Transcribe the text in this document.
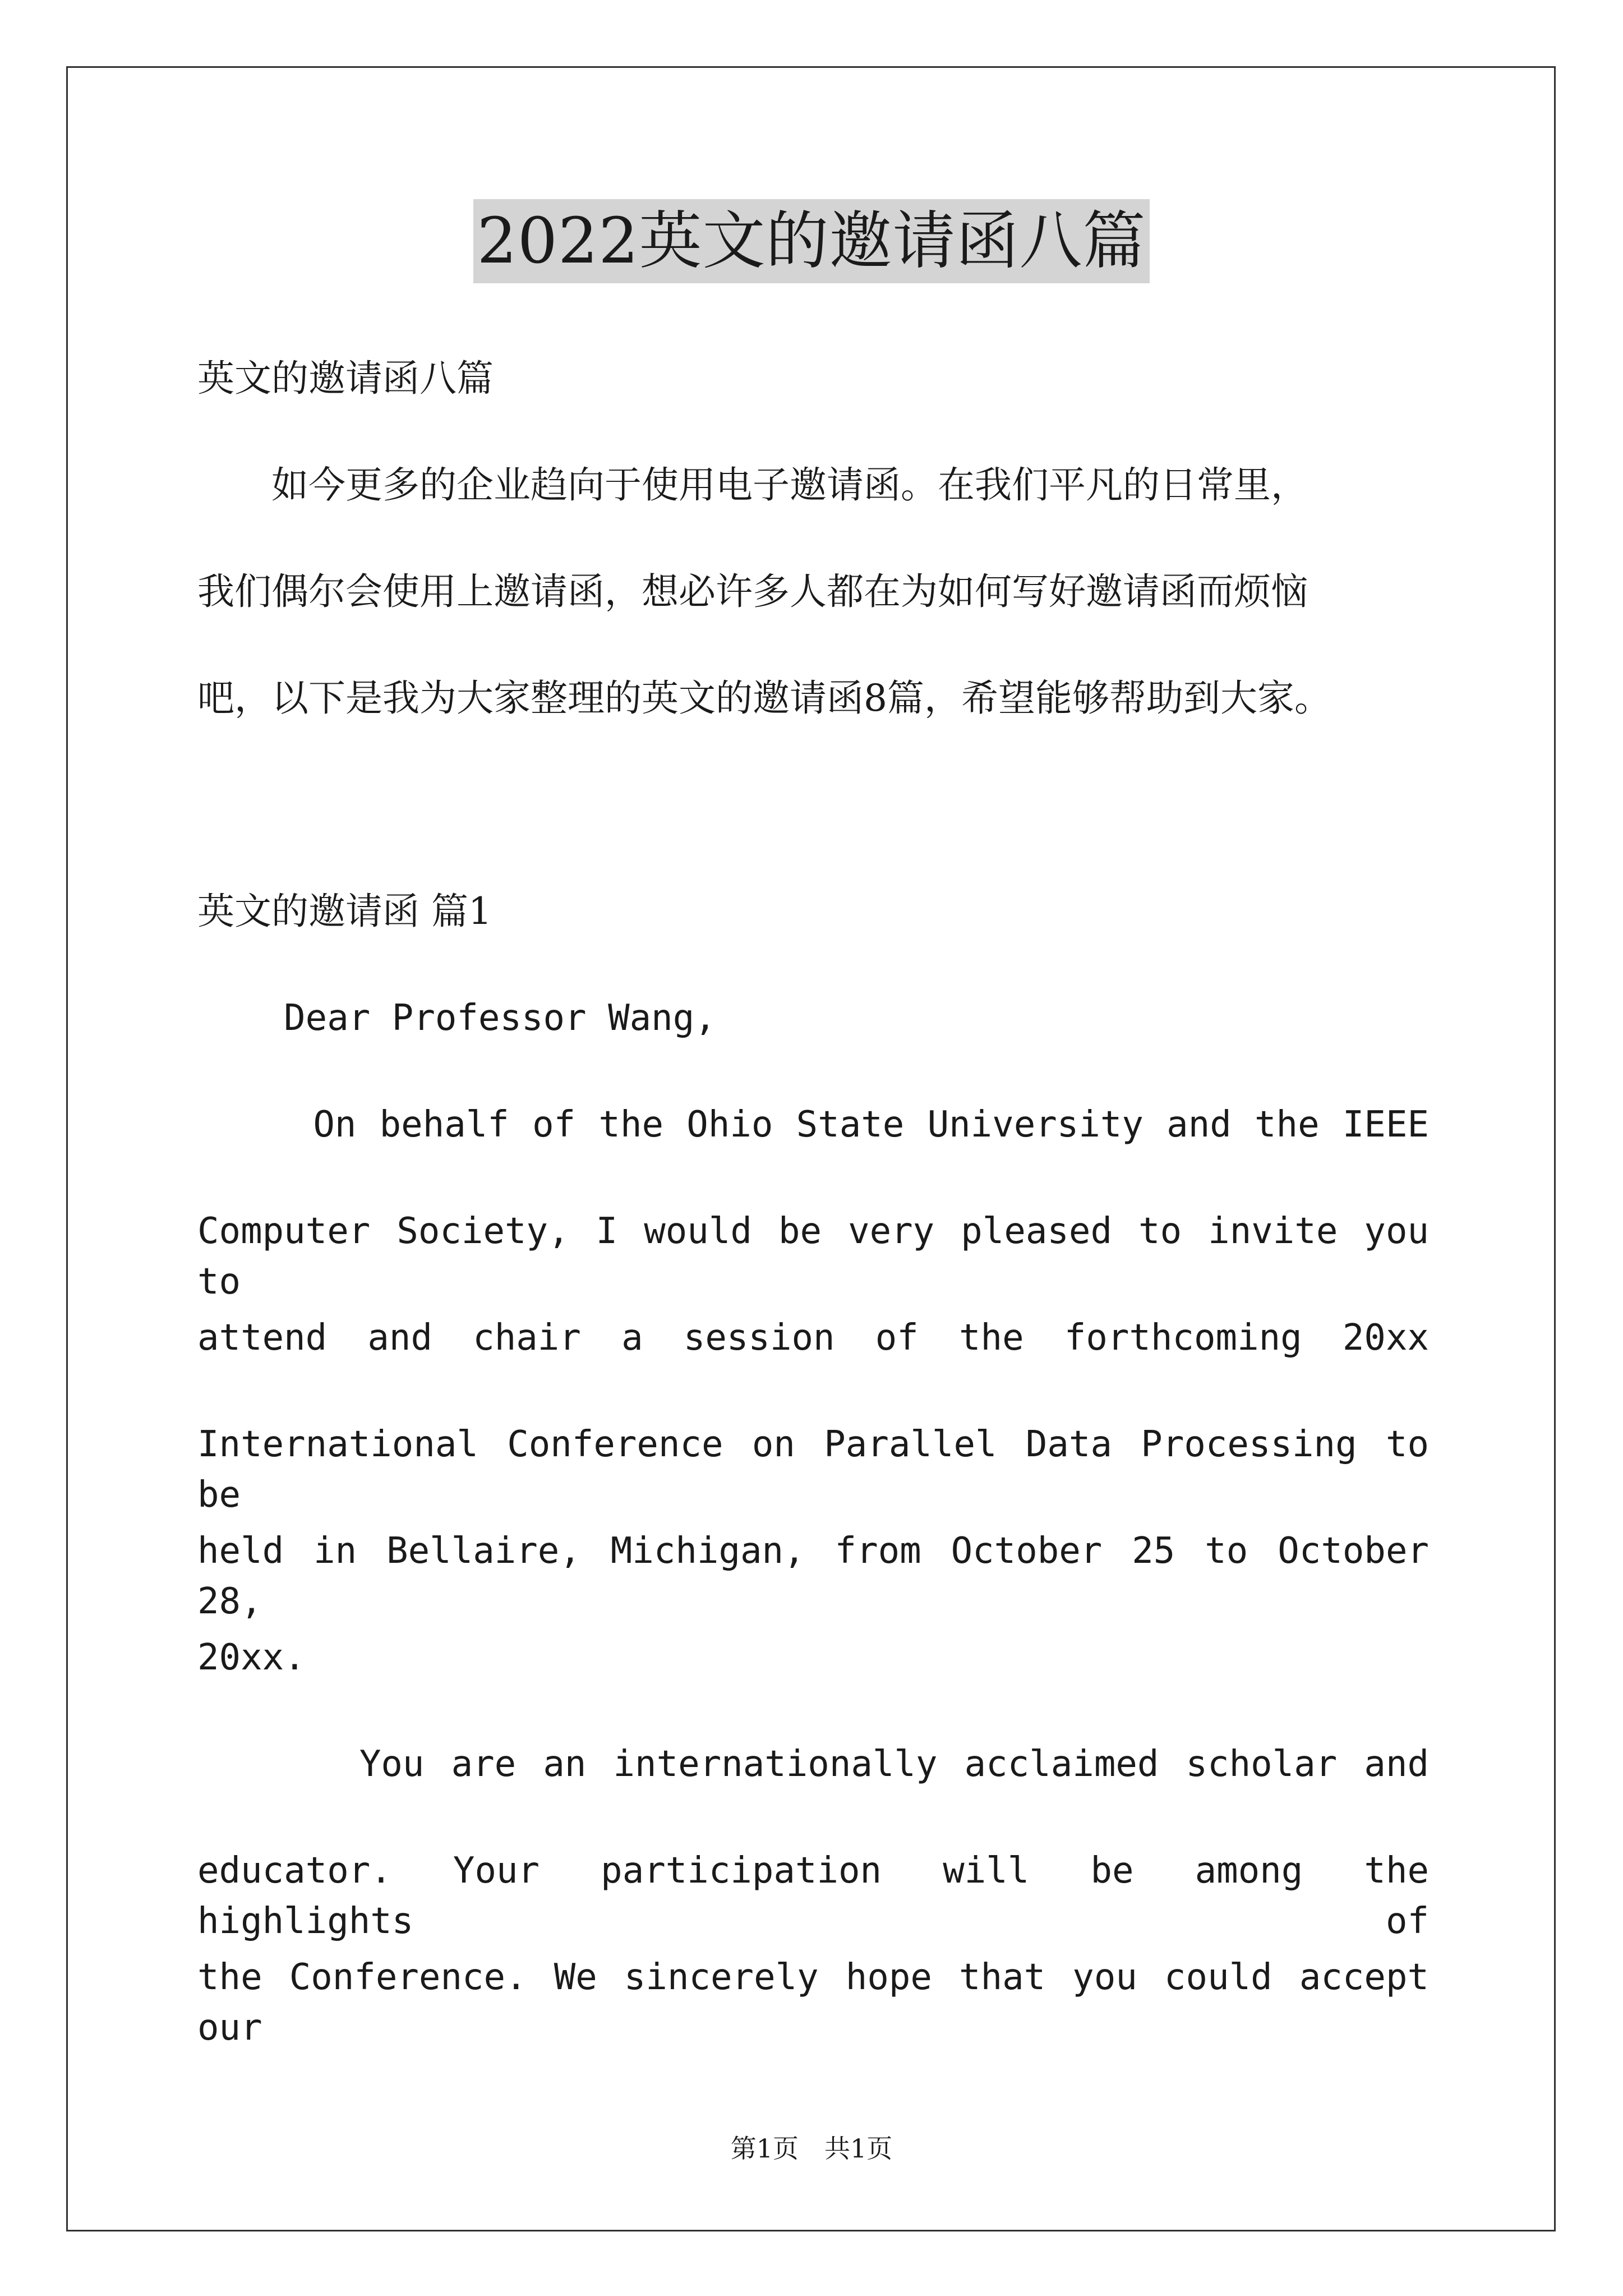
2022英文的邀请函八篇
英文的邀请函八篇
　　如今更多的企业趋向于使用电子邀请函。在我们平凡的日常里，
我们偶尔会使用上邀请函，想必许多人都在为如何写好邀请函而烦恼
吧，以下是我为大家整理的英文的邀请函8篇，希望能够帮助到大家。
英文的邀请函 篇1
Dear Professor Wang,
On behalf of the Ohio State University and the IEEE
Computer Society, I would be very pleased to invite you to
attend and chair a session of the forthcoming 20xx
International Conference on Parallel Data Processing to be
held in Bellaire, Michigan, from October 25 to October 28,
20xx.
You are an internationally acclaimed scholar and
educator. Your participation will be among the highlights of
the Conference. We sincerely hope that you could accept our
第1页　共1页
